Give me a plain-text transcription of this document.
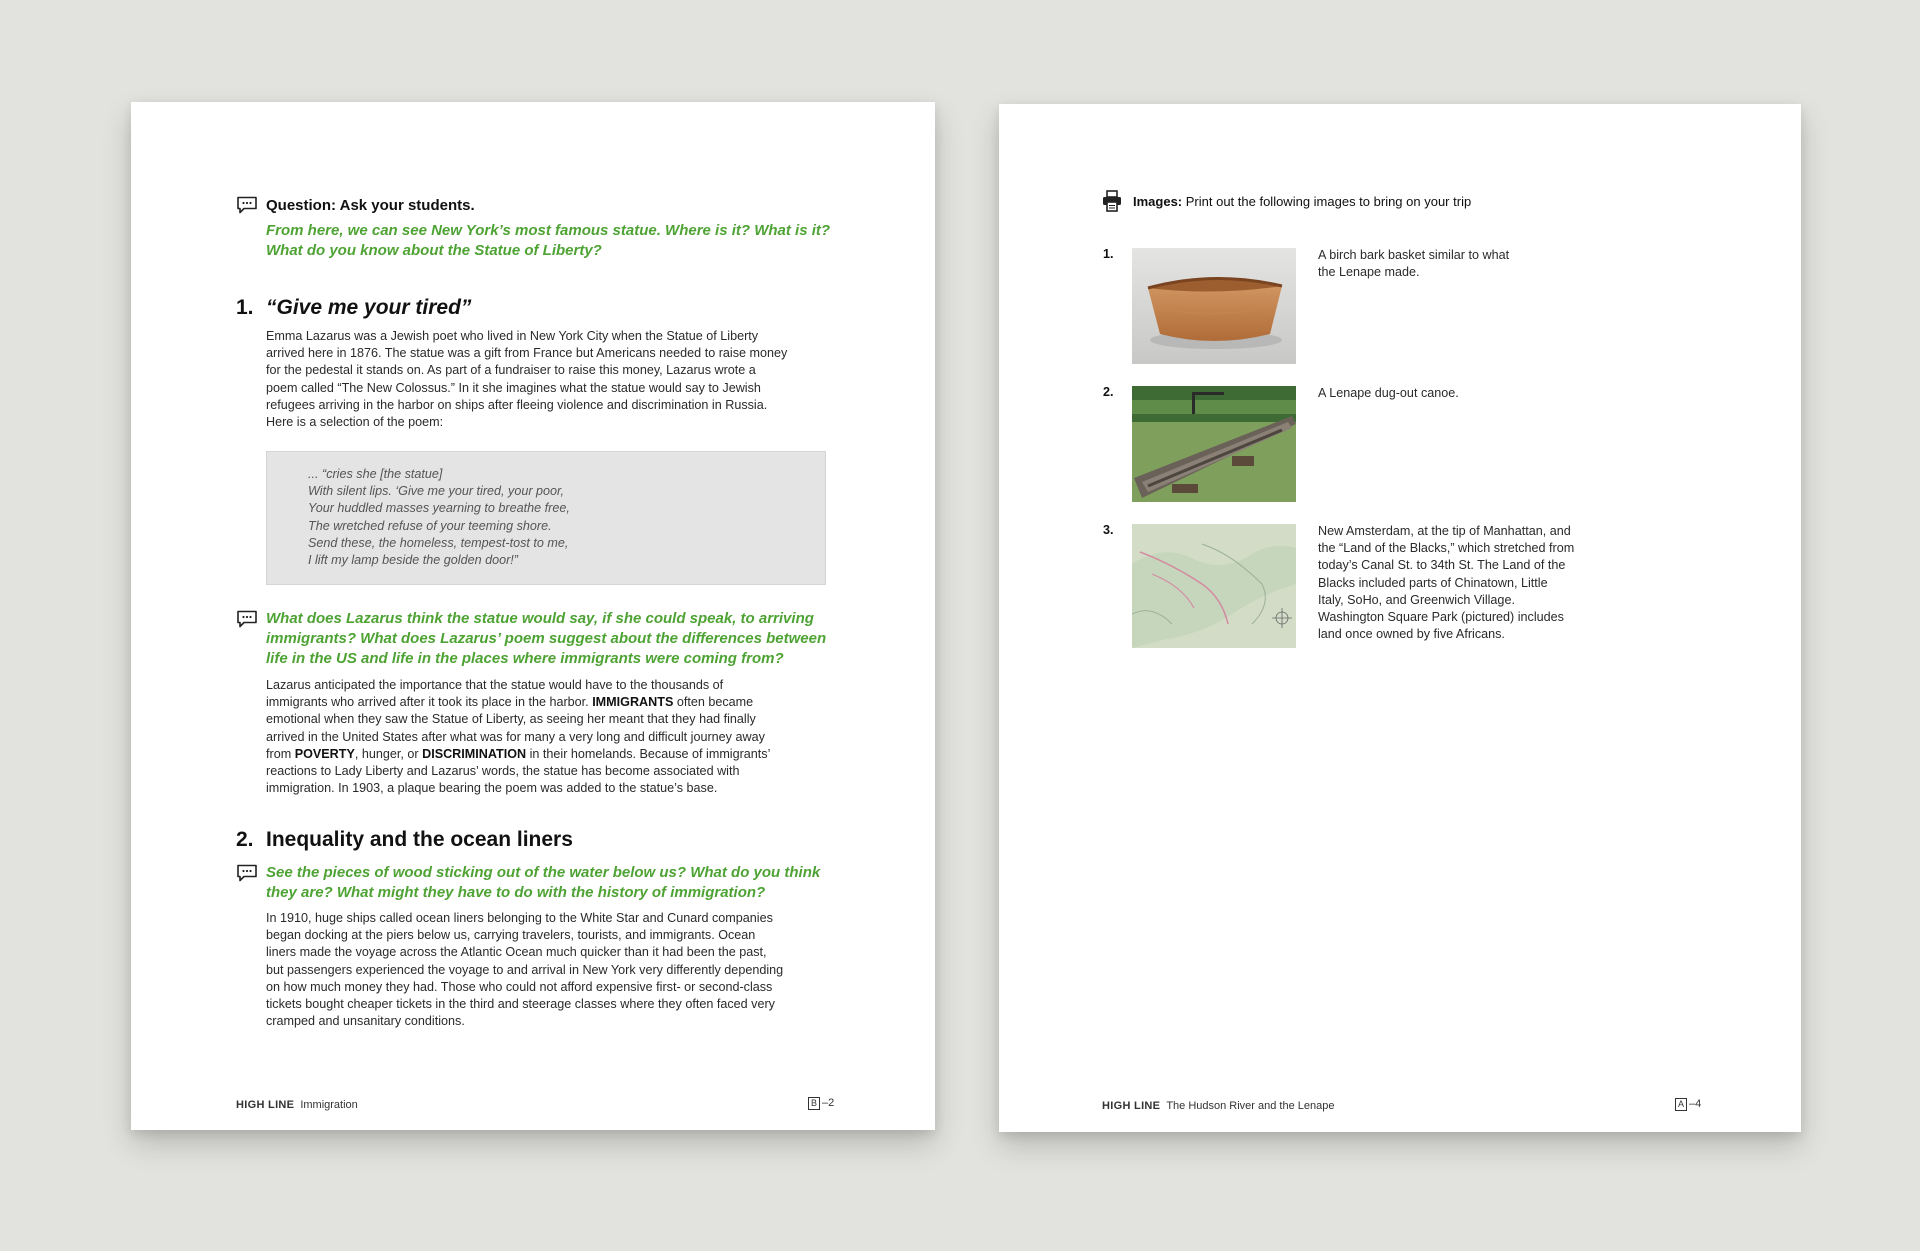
Question: Ask your students.
From here, we can see New York’s most famous statue. Where is it? What is it?
What do you know about the Statue of Liberty?
1. “Give me your tired”
Emma Lazarus was a Jewish poet who lived in New York City when the Statue of Liberty
arrived here in 1876. The statue was a gift from France but Americans needed to raise money
for the pedestal it stands on. As part of a fundraiser to raise this money, Lazarus wrote a
poem called “The New Colossus.” In it she imagines what the statue would say to Jewish
refugees arriving in the harbor on ships after fleeing violence and discrimination in Russia.
Here is a selection of the poem:
... “cries she [the statue]
With silent lips. ‘Give me your tired, your poor,
Your huddled masses yearning to breathe free,
The wretched refuse of your teeming shore.
Send these, the homeless, tempest-tost to me,
I lift my lamp beside the golden door!”
What does Lazarus think the statue would say, if she could speak, to arriving
immigrants? What does Lazarus’ poem suggest about the differences between
life in the US and life in the places where immigrants were coming from?
Lazarus anticipated the importance that the statue would have to the thousands of
immigrants who arrived after it took its place in the harbor. IMMIGRANTS often became
emotional when they saw the Statue of Liberty, as seeing her meant that they had finally
arrived in the United States after what was for many a very long and difficult journey away
from POVERTY, hunger, or DISCRIMINATION in their homelands. Because of immigrants’
reactions to Lady Liberty and Lazarus’ words, the statue has become associated with
immigration. In 1903, a plaque bearing the poem was added to the statue’s base.
2. Inequality and the ocean liners
See the pieces of wood sticking out of the water below us? What do you think
they are? What might they have to do with the history of immigration?
In 1910, huge ships called ocean liners belonging to the White Star and Cunard companies
began docking at the piers below us, carrying travelers, tourists, and immigrants. Ocean
liners made the voyage across the Atlantic Ocean much quicker than it had been the past,
but passengers experienced the voyage to and arrival in New York very differently depending
on how much money they had. Those who could not afford expensive first- or second-class
tickets bought cheaper tickets in the third and steerage classes where they often faced very
cramped and unsanitary conditions.
HIGH LINE Immigration	B –2
Images: Print out the following images to bring on your trip
1.	A birch bark basket similar to what
the Lenape made.
2.	A Lenape dug-out canoe.
3.	New Amsterdam, at the tip of Manhattan, and
the “Land of the Blacks,” which stretched from
today’s Canal St. to 34th St. The Land of the
Blacks included parts of Chinatown, Little
Italy, SoHo, and Greenwich Village.
Washington Square Park (pictured) includes
land once owned by five Africans.
HIGH LINE The Hudson River and the Lenape	A –4
